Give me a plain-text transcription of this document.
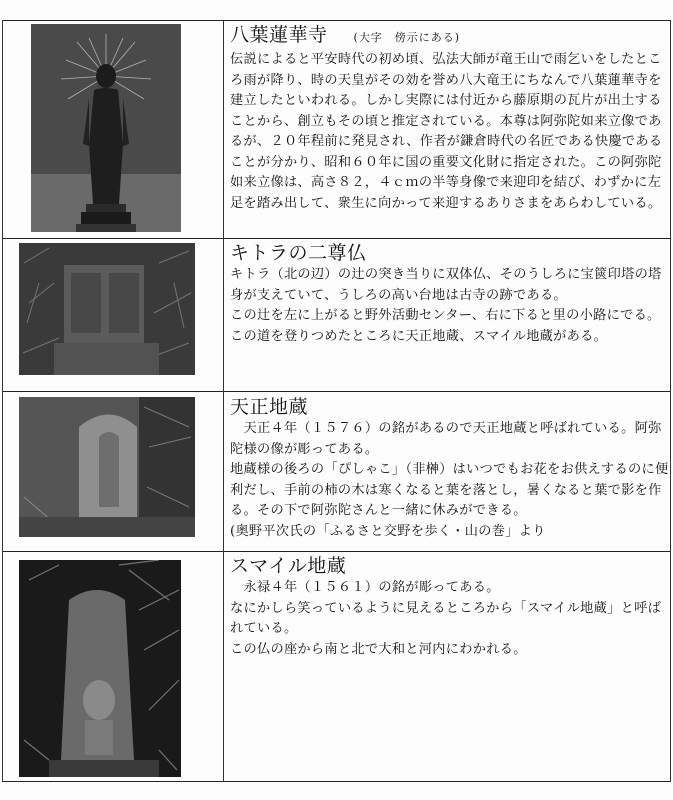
八葉蓮華寺 (大字　傍示にある)

伝説によると平安時代の初め頃、弘法大師が竜王山で雨乞いをしたところ雨が降り、時の天皇がその効を誉め八大竜王にちなんで八葉蓮華寺を建立したといわれる。しかし実際には付近から藤原期の瓦片が出土することから、創立もその頃と推定されている。本尊は阿弥陀如来立像であるが、２０年程前に発見され、作者が鎌倉時代の名匠である快慶であることが分かり、昭和６０年に国の重要文化財に指定された。この阿弥陀如来立像は、高さ８２，４ｃｍの半等身像で来迎印を結び、わずかに左足を踏み出して、衆生に向かって来迎するありさまをあらわしている。

キトラの二尊仏

キトラ（北の辺）の辻の突き当りに双体仏、そのうしろに宝篋印塔の塔身が支えていて、うしろの高い台地は古寺の跡である。

この辻を左に上がると野外活動センター、右に下ると里の小路にでる。この道を登りつめたところに天正地蔵、スマイル地蔵がある。

天正地蔵

　天正４年（１５７６）の銘があるので天正地蔵と呼ばれている。阿弥陀様の像が彫ってある。

地蔵様の後ろの「ぴしゃこ」（非榊）はいつでもお花をお供えするのに便利だし、手前の柿の木は寒くなると葉を落とし，暑くなると葉で影を作る。その下で阿弥陀さんと一緒に休みができる。

(奥野平次氏の「ふるさと交野を歩く・山の巻」より

スマイル地蔵

　永禄４年（１５６１）の銘が彫ってある。

なにかしら笑っているように見えるところから「スマイル地蔵」と呼ばれている。

この仏の座から南と北で大和と河内にわかれる。
